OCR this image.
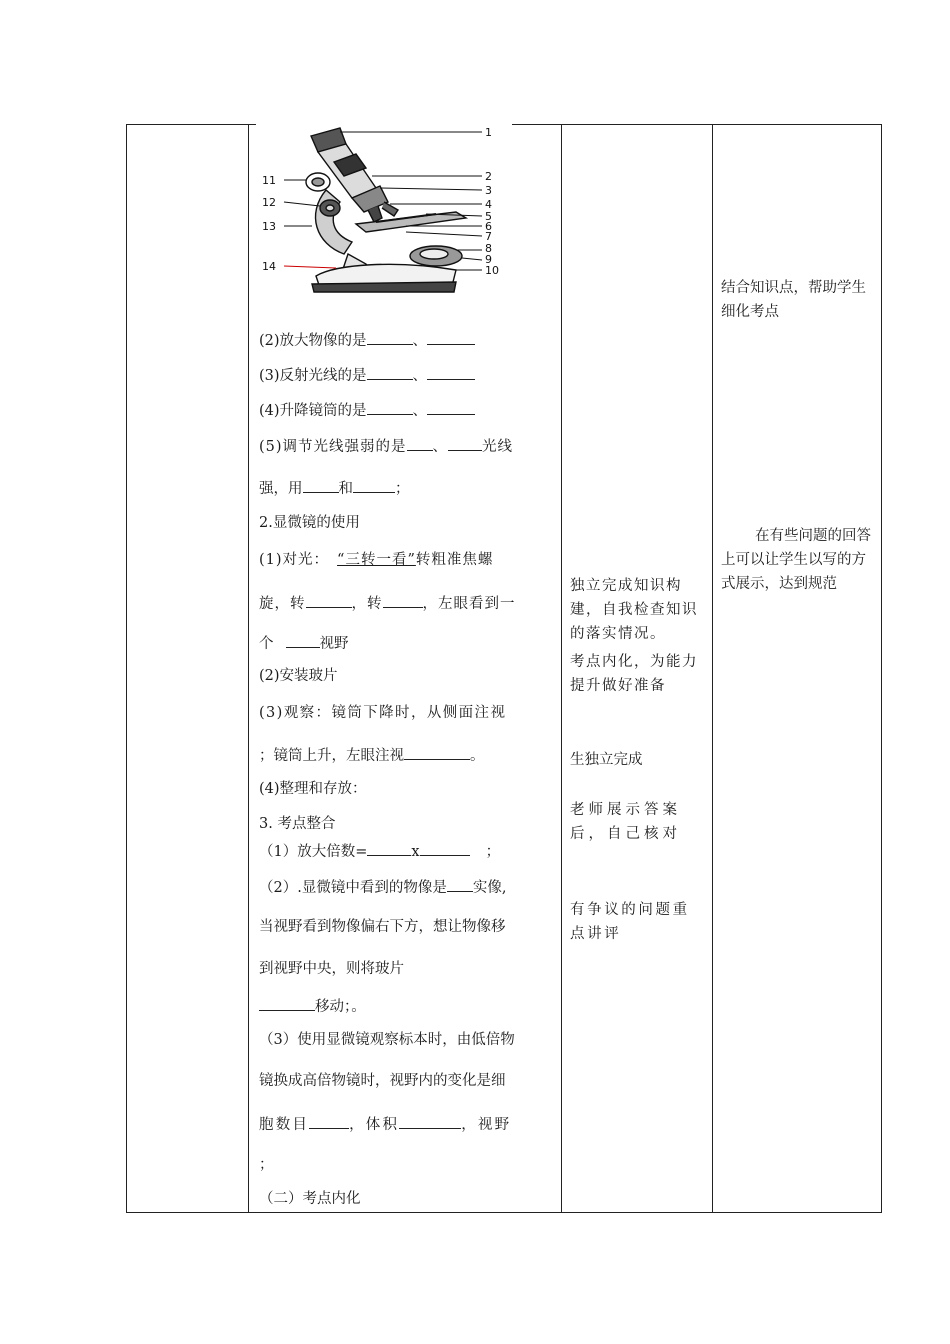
1
2
3
4
5
6
7
8
9
10
11
12
13
14
(2)放大物像的是	、
(3)反射光线的是	、
(4)升降镜筒的是	、
(5)调节光线强弱的是 、 光线
强，用 和	；
2.显微镜的使用
(1)对光： “三转一看”转粗准焦螺
旋，转	，转	，左眼看到一
个	视野
(2)安装玻片
(3)观察：镜筒下降时，从侧面注视
；镜筒上升，左眼注视	。
(4)整理和存放：
3. 考点整合
（1）放大倍数=	x	；
（2）.显微镜中看到的物像是 实像,
当视野看到物像偏右下方，想让物像移
到视野中央，则将玻片
移动；。
（3）使用显微镜观察标本时，由低倍物
镜换成高倍物镜时，视野内的变化是细
胞数目	，体积	，视野
；
（二）考点内化
独立完成知识构建，自我检查知识的落实情况。
考点内化，为能力提升做好准备
生独立完成
老师展示答案后，自己核对
有争议的问题重点讲评
结合知识点，帮助学生细化考点
在有些问题的回答上可以让学生以写的方式展示，达到规范
